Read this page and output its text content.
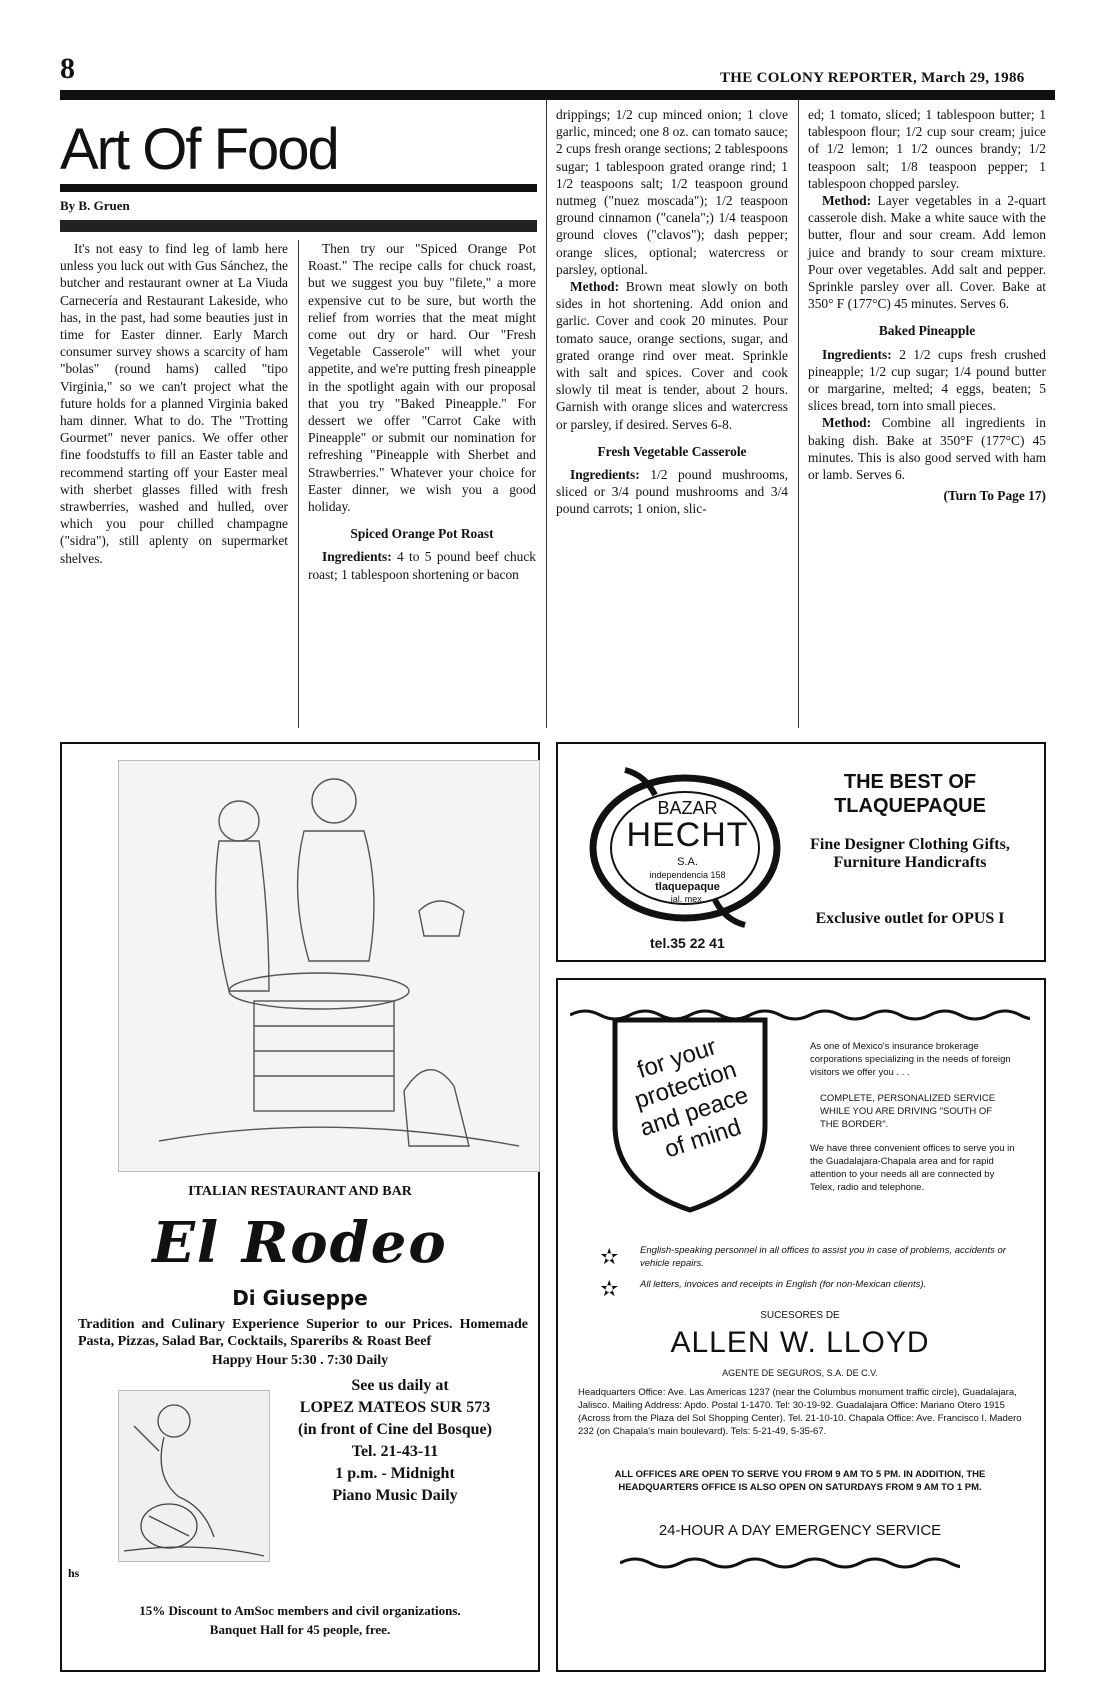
8	THE COLONY REPORTER, March 29, 1986
Art Of Food
By B. Gruen

It's not easy to find leg of lamb here unless you luck out with Gus Sánchez, the butcher and restaurant owner at La Viuda Carnecería and Restaurant Lakeside, who has, in the past, had some beauties just in time for Easter dinner. Early March consumer survey shows a scarcity of ham "bolas" (round hams) called "tipo Virginia," so we can't project what the future holds for a planned Virginia baked ham dinner. What to do. The "Trotting Gourmet" never panics. We offer other fine foodstuffs to fill an Easter table and recommend starting off your Easter meal with sherbet glasses filled with fresh strawberries, washed and hulled, over which you pour chilled champagne ("sidra"), still aplenty on supermarket shelves.

Then try our "Spiced Orange Pot Roast." The recipe calls for chuck roast, but we suggest you buy "filete," a more expensive cut to be sure, but worth the relief from worries that the meat might come out dry or hard. Our "Fresh Vegetable Casserole" will whet your appetite, and we're putting fresh pineapple in the spotlight again with our proposal that you try "Baked Pineapple." For dessert we offer "Carrot Cake with Pineapple" or submit our nomination for refreshing "Pineapple with Sherbet and Strawberries." Whatever your choice for Easter dinner, we wish you a good holiday.

Spiced Orange Pot Roast

Ingredients: 4 to 5 pound beef chuck roast; 1 tablespoon shortening or bacon

drippings; 1/2 cup minced onion; 1 clove garlic, minced; one 8 oz. can tomato sauce; 2 cups fresh orange sections; 2 tablespoons sugar; 1 tablespoon grated orange rind; 1 1/2 teaspoons salt; 1/2 teaspoon ground nutmeg ("nuez moscada"); 1/2 teaspoon ground cinnamon ("canela";) 1/4 teaspoon ground cloves ("clavos"); dash pepper; orange slices, optional; watercress or parsley, optional.

Method: Brown meat slowly on both sides in hot shortening. Add onion and garlic. Cover and cook 20 minutes. Pour tomato sauce, orange sections, sugar, and grated orange rind over meat. Sprinkle with salt and spices. Cover and cook slowly til meat is tender, about 2 hours. Garnish with orange slices and watercress or parsley, if desired. Serves 6-8.

Fresh Vegetable Casserole

Ingredients: 1/2 pound mushrooms, sliced or 3/4 pound mushrooms and 3/4 pound carrots; 1 onion, slic-

ed; 1 tomato, sliced; 1 tablespoon butter; 1 tablespoon flour; 1/2 cup sour cream; juice of 1/2 lemon; 1 1/2 ounces brandy; 1/2 teaspoon salt; 1/8 teaspoon pepper; 1 tablespoon chopped parsley.

Method: Layer vegetables in a 2-quart casserole dish. Make a white sauce with the butter, flour and sour cream. Add lemon juice and brandy to sour cream mixture. Pour over vegetables. Add salt and pepper. Sprinkle parsley over all. Cover. Bake at 350° F (177°C) 45 minutes. Serves 6.

Baked Pineapple

Ingredients: 2 1/2 cups fresh crushed pineapple; 1/2 cup sugar; 1/4 pound butter or margarine, melted; 4 eggs, beaten; 5 slices bread, torn into small pieces.

Method: Combine all ingredients in baking dish. Bake at 350°F (177°C) 45 minutes. This is also good served with ham or lamb. Serves 6.

(Turn To Page 17)

ITALIAN RESTAURANT AND BAR
El Rodeo
Di Giuseppe
Tradition and Culinary Experience Superior to our Prices. Homemade Pasta, Pizzas, Salad Bar, Cocktails, Spareribs & Roast Beef
Happy Hour 5:30 . 7:30 Daily
See us daily at
LOPEZ MATEOS SUR 573
(in front of Cine del Bosque)
Tel. 21-43-11
1 p.m. - Midnight
Piano Music Daily
hs
15% Discount to AmSoc members and civil organizations.
Banquet Hall for 45 people, free.
BAZAR
HECHT
S.A.
independencia 158
tlaquepaque
jal. mex.
tel.35 22 41
THE BEST OF TLAQUEPAQUE
Fine Designer Clothing Gifts, Furniture Handicrafts
Exclusive outlet for OPUS I
for your protection and peace of mind
As one of Mexico's insurance brokerage corporations specializing in the needs of foreign visitors we offer you . . .
COMPLETE, PERSONALIZED SERVICE WHILE YOU ARE DRIVING "SOUTH OF THE BORDER".
We have three convenient offices to serve you in the Guadalajara-Chapala area and for rapid attention to your needs all are connected by Telex, radio and telephone.
✫ English-speaking personnel in all offices to assist you in case of problems, accidents or vehicle repairs.
✫ All letters, invoices and receipts in English (for non-Mexican clients).
SUCESORES DE
ALLEN W. LLOYD
AGENTE DE SEGUROS, S.A. DE C.V.
Headquarters Office: Ave. Las Americas 1237 (near the Columbus monument traffic circle), Guadalajara, Jalisco. Mailing Address: Apdo. Postal 1-1470. Tel: 30-19-92. Guadalajara Office: Mariano Otero 1915 (Across from the Plaza del Sol Shopping Center). Tel. 21-10-10. Chapala Office: Ave. Francisco I. Madero 232 (on Chapala's main boulevard). Tels: 5-21-49, 5-35-67.
ALL OFFICES ARE OPEN TO SERVE YOU FROM 9 AM TO 5 PM. IN ADDITION, THE HEADQUARTERS OFFICE IS ALSO OPEN ON SATURDAYS FROM 9 AM TO 1 PM.
24-HOUR A DAY EMERGENCY SERVICE
